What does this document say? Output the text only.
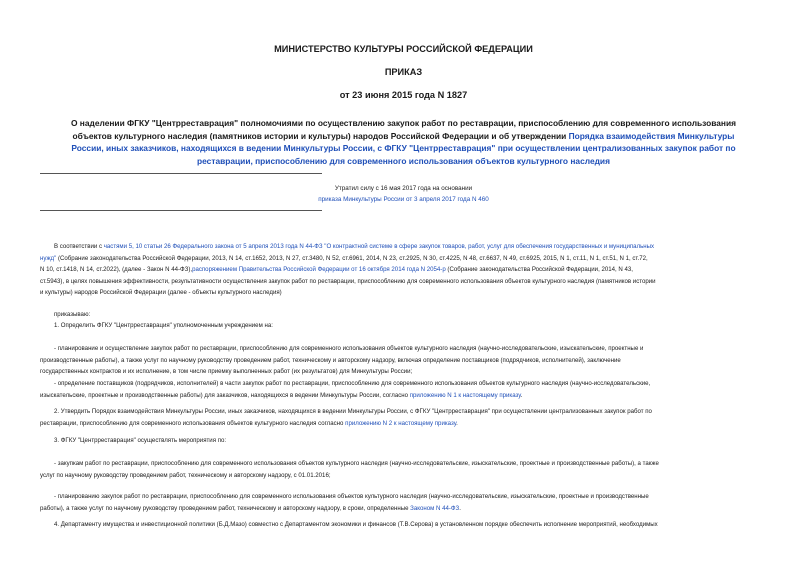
МИНИСТЕРСТВО КУЛЬТУРЫ РОССИЙСКОЙ ФЕДЕРАЦИИ
ПРИКАЗ
от 23 июня 2015 года N 1827
О наделении ФГКУ "Центрреставрация" полномочиями по осуществлению закупок работ по реставрации, приспособлению для современного использования
объектов культурного наследия (памятников истории и культуры) народов Российской Федерации и об утверждении Порядка взаимодействия Минкультуры
России, иных заказчиков, находящихся в ведении Минкультуры России, с ФГКУ "Центрреставрация" при осуществлении централизованных закупок работ по
реставрации, приспособлению для современного использования объектов культурного наследия
Утратил силу с 16 мая 2017 года на основании
приказа Минкультуры России от 3 апреля 2017 года N 460
В соответствии с частями 5, 10 статьи 26 Федерального закона от 5 апреля 2013 года N 44-ФЗ "О контрактной системе в сфере закупок товаров, работ, услуг для обеспечения государственных и муниципальных
нужд" (Собрание законодательства Российской Федерации, 2013, N 14, ст.1652, 2013, N 27, ст.3480, N 52, ст.6961, 2014, N 23, ст.2925, N 30, ст.4225, N 48, ст.6637, N 49, ст.6925, 2015, N 1, ст.11, N 1, ст.51, N 1, ст.72,
N 10, ст.1418, N 14, ст.2022), (далее - Закон N 44-ФЗ),распоряжением Правительства Российской Федерации от 16 октября 2014 года N 2054-р (Собрание законодательства Российской Федерации, 2014, N 43,
ст.5943), в целях повышения эффективности, результативности осуществления закупок работ по реставрации, приспособлению для современного использования объектов культурного наследия (памятников истории
и культуры) народов Российской Федерации (далее - объекты культурного наследия)
приказываю:
1. Определить ФГКУ "Центрреставрация" уполномоченным учреждением на:
- планирование и осуществление закупок работ по реставрации, приспособлению для современного использования объектов культурного наследия (научно-исследовательские, изыскательские, проектные и
производственные работы), а также услуг по научному руководству проведением работ, техническому и авторскому надзору, включая определение поставщиков (подрядчиков, исполнителей), заключение
государственных контрактов и их исполнение, в том числе приемку выполненных работ (их результатов) для Минкультуры России;
- определение поставщиков (подрядчиков, исполнителей) в части закупок работ по реставрации, приспособлению для современного использования объектов культурного наследия (научно-исследовательские,
изыскательские, проектные и производственные работы) для заказчиков, находящихся в ведении Минкультуры России, согласно приложению N 1 к настоящему приказу.
2. Утвердить Порядок взаимодействия Минкультуры России, иных заказчиков, находящихся в ведении Минкультуры России, с ФГКУ "Центрреставрация" при осуществлении централизованных закупок работ по
реставрации, приспособлению для современного использования объектов культурного наследия согласно приложению N 2 к настоящему приказу.
3. ФГКУ "Центрреставрация" осуществлять мероприятия по:
- закупкам работ по реставрации, приспособлению для современного использования объектов культурного наследия (научно-исследовательские, изыскательские, проектные и производственные работы), а также
услуг по научному руководству проведением работ, техническому и авторскому надзору, с 01.01.2016;
- планированию закупок работ по реставрации, приспособлению для современного использования объектов культурного наследия (научно-исследовательские, изыскательские, проектные и производственные
работы), а также услуг по научному руководству проведением работ, техническому и авторскому надзору, в сроки, определенные Законом N 44-ФЗ.
4. Департаменту имущества и инвестиционной политики (Б.Д.Мазо) совместно с Департаментом экономики и финансов (Т.В.Серова) в установленном порядке обеспечить исполнение мероприятий, необходимых
